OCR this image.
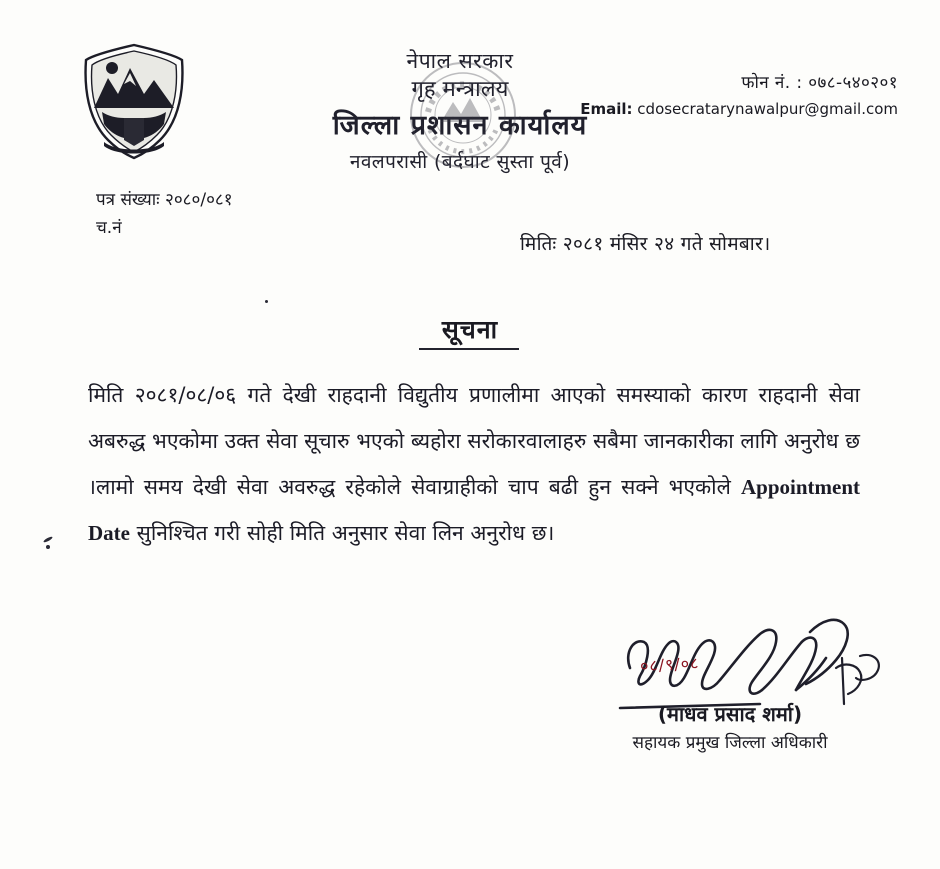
नेपाल सरकार
गृह मन्त्रालय
जिल्ला प्रशासन कार्यालय
नवलपरासी (बर्दघाट सुस्ता पूर्व)
फोन नं. : ०७८-५४०२०१
Email: cdosecratarynawalpur@gmail.com
पत्र संख्याः २०८०/०८१
च.नं
मितिः २०८१ मंसिर २४ गते सोमबार।
सूचना

मिति २०८१/०८/०६ गते देखी राहदानी विद्युतीय प्रणालीमा आएको समस्याको कारण राहदानी सेवा अबरुद्ध भएकोमा उक्त सेवा सूचारु भएको ब्यहोरा सरोकारवालाहरु सबैमा जानकारीका लागि अनुरोध छ ।लामो समय देखी सेवा अवरुद्ध रहेकोले सेवाग्राहीको चाप बढी हुन सक्ने भएकोले Appointment Date सुनिश्चित गरी सोही मिति अनुसार सेवा लिन अनुरोध छ।

०८/९/०८
(माधव प्रसाद शर्मा)
सहायक प्रमुख जिल्ला अधिकारी
